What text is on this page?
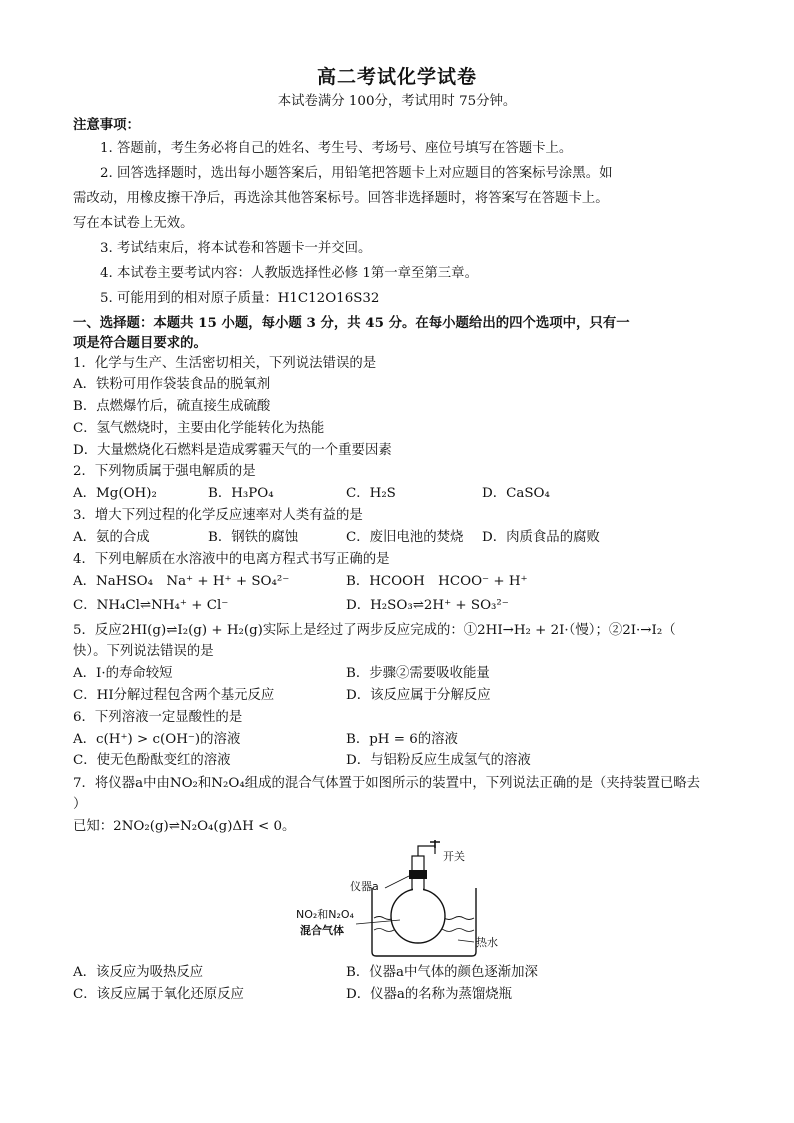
高二考试化学试卷
本试卷满分 100分，考试用时 75分钟。
注意事项：
1. 答题前，考生务必将自己的姓名、考生号、考场号、座位号填写在答题卡上。
2. 回答选择题时，选出每小题答案后，用铅笔把答题卡上对应题目的答案标号涂黑。如
需改动，用橡皮擦干净后，再选涂其他答案标号。回答非选择题时，将答案写在答题卡上。
写在本试卷上无效。
3. 考试结束后，将本试卷和答题卡一并交回。
4. 本试卷主要考试内容：人教版选择性必修 1第一章至第三章。
5. 可能用到的相对原子质量：H1C12O16S32
一、选择题：本题共 15 小题，每小题 3 分，共 45 分。在每小题给出的四个选项中，只有一
项是符合题目要求的。
1．化学与生产、生活密切相关，下列说法错误的是
A．铁粉可用作袋装食品的脱氧剂
B．点燃爆竹后，硫直接生成硫酸
C．氢气燃烧时，主要由化学能转化为热能
D．大量燃烧化石燃料是造成雾霾天气的一个重要因素
2．下列物质属于强电解质的是
A．Mg(OH)₂	B．H₃PO₄	C．H₂S	D．CaSO₄
3．增大下列过程的化学反应速率对人类有益的是
A．氨的合成	B．钢铁的腐蚀	C．废旧电池的焚烧 D．肉质食品的腐败
4．下列电解质在水溶液中的电离方程式书写正确的是
A．NaHSO₄　Na⁺ + H⁺ + SO₄²⁻	B．HCOOH　HCOO⁻ + H⁺
C．NH₄Cl⇌NH₄⁺ + Cl⁻	D．H₂SO₃⇌2H⁺ + SO₃²⁻
5．反应2HI(g)⇌I₂(g) + H₂(g)实际上是经过了两步反应完成的：①2HI→H₂ + 2I·（慢）；②2I·→I₂（
快）。下列说法错误的是
A．I·的寿命较短	B．步骤②需要吸收能量
C．HI分解过程包含两个基元反应	D．该反应属于分解反应
6．下列溶液一定显酸性的是
A．c(H⁺) > c(OH⁻)的溶液	B．pH = 6的溶液
C．使无色酚酞变红的溶液	D．与铝粉反应生成氢气的溶液
7．将仪器a中由NO₂和N₂O₄组成的混合气体置于如图所示的装置中，下列说法正确的是（夹持装置已略去
）
已知：2NO₂(g)⇌N₂O₄(g)ΔH < 0。
开关
仪器a
NO₂和N₂O₄
混合气体
热水
A．该反应为吸热反应	B．仪器a中气体的颜色逐渐加深
C．该反应属于氧化还原反应	D．仪器a的名称为蒸馏烧瓶
